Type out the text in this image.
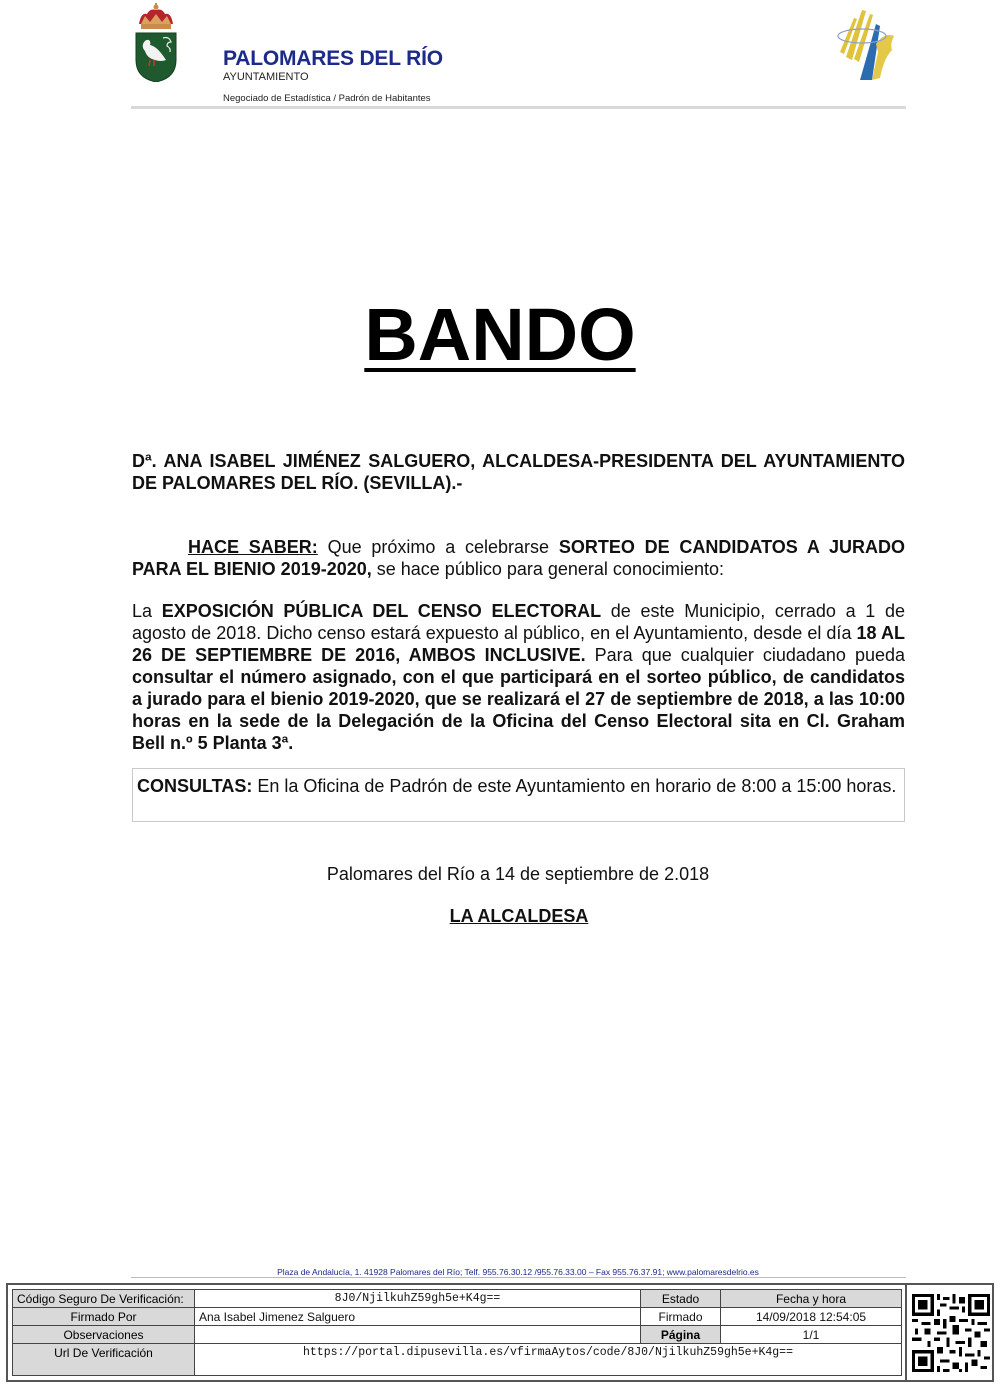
PALOMARES DEL RÍO
AYUNTAMIENTO
Negociado de Estadística / Padrón de Habitantes
BANDO
Dª. ANA ISABEL JIMÉNEZ SALGUERO, ALCALDESA-PRESIDENTA DEL AYUNTAMIENTO DE PALOMARES DEL RÍO. (SEVILLA).-
HACE SABER: Que próximo a celebrarse SORTEO DE CANDIDATOS A JURADO PARA EL BIENIO 2019-2020, se hace público para general conocimiento:
La EXPOSICIÓN PÚBLICA DEL CENSO ELECTORAL de este Municipio, cerrado a 1 de agosto de 2018. Dicho censo estará expuesto al público, en el Ayuntamiento, desde el día 18 AL 26 DE SEPTIEMBRE DE 2016, AMBOS INCLUSIVE. Para que cualquier ciudadano pueda consultar el número asignado, con el que participará en el sorteo público, de candidatos a jurado para el bienio 2019-2020, que se realizará el 27 de septiembre de 2018, a las 10:00 horas en la sede de la Delegación de la Oficina del Censo Electoral sita en Cl. Graham Bell n.º 5 Planta 3ª.
CONSULTAS: En la Oficina de Padrón de este Ayuntamiento en horario de 8:00 a 15:00 horas.
Palomares del Río a 14 de septiembre de 2.018
LA ALCALDESA
Plaza de Andalucía, 1. 41928 Palomares del Río; Telf. 955.76.30.12 /955.76.33.00 – Fax 955.76.37.91; www.palomaresdelrio.es
Código Seguro De Verificación:	8J0/NjilkuhZ59gh5e+K4g==	Estado	Fecha y hora
Firmado Por	Ana Isabel Jimenez Salguero	Firmado	14/09/2018 12:54:05
Observaciones		Página	1/1
Url De Verificación	https://portal.dipusevilla.es/vfirmaAytos/code/8J0/NjilkuhZ59gh5e+K4g==		
